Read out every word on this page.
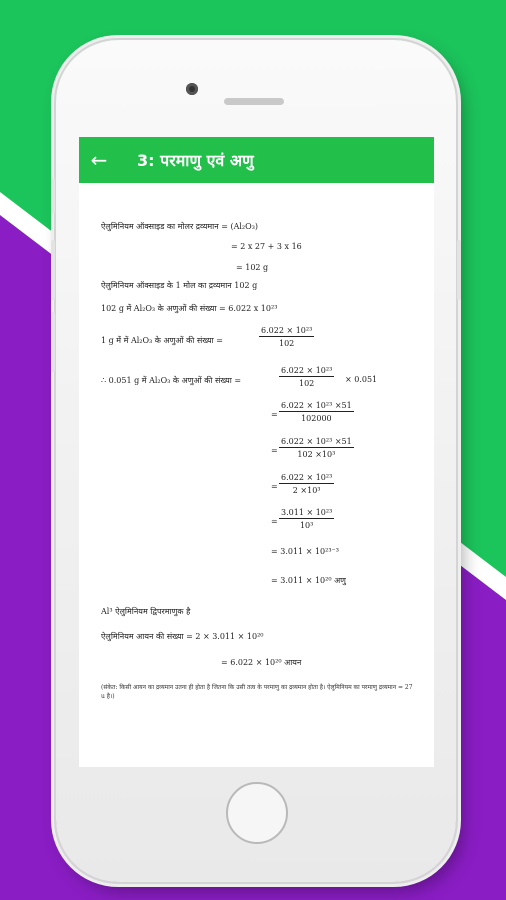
←	3: परमाणु एवं अणु
ऐलुमिनियम ऑक्साइड का मोलर द्रव्यमान = (Al₂O₃)
= 2 x 27 + 3 x 16
= 102 g
ऐलुमिनियम ऑक्साइड के 1 मोल का द्रव्यमान 102 g
102 g में Al₂O₃ के अणुओं की संख्या = 6.022 x 10²³
1 g में में Al₂O₃ के अणुओं की संख्या =	$\frac{\text{6.022 × 10²³}}{102}$
∴ 0.051 g में Al₂O₃ के अणुओं की संख्या =	$\frac{\text{6.022 × 10²³}}{102} \times 0.051$
= $\frac{\text{6.022 × 10²³ ×51}}{102000}$
= $\frac{\text{6.022 × 10²³ ×51}}{\text{102 ×10³}}$
= $\frac{\text{6.022 × 10²³}}{\text{2 ×10³}}$
= $\frac{\text{3.011 × 10²³}}{\text{10³}}$
= 3.011 × 10²³⁻³
= 3.011 × 10²⁰ अणु
Al³ ऐलुमिनियम द्विपरमाणुक है
ऐलुमिनियम आयन की संख्या = 2 × 3.011 × 10²⁰
= 6.022 × 10²⁰ आयन
(संकेत: किसी आयन का द्रव्यमान उतना ही होता है जितना कि उसी तत्व के परमाणु का द्रव्यमान होता है। ऐलुमिनियम का परमाणु द्रव्यमान = 27 u है।)
